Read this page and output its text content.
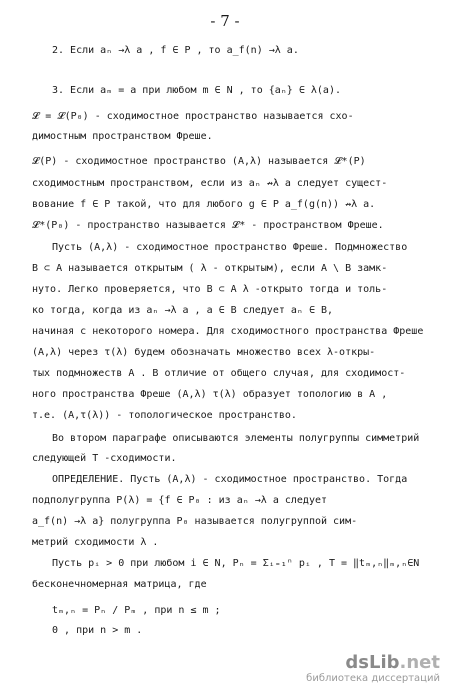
- 7 -
2. Если aₙ →λ a , f ∈ P , то a_f(n) →λ a.
3. Если aₘ = a при любом m ∈ N , то {aₙ} ∈ λ(a).
𝓛 = 𝓛(P₀) - сходимостное пространство называется схо-
димостным пространством Фреше.
𝓛(P) - сходимостное пространство (A,λ) называется 𝓛*(P)
сходимостным пространством, если из aₙ ↛λ a следует сущест-
вование f ∈ P такой, что для любого g ∈ P a_f(g(n)) ↛λ a.
𝓛*(P₀) - пространство называется 𝓛* - пространством Фреше.
Пусть (A,λ) - сходимостное пространство Фреше. Подмножество
B ⊂ A называется открытым ( λ - открытым), если A \ B замк-
нуто. Легко проверяется, что B ⊂ A λ -открыто тогда и толь-
ко тогда, когда из aₙ →λ a , a ∈ B следует aₙ ∈ B,
начиная с некоторого номера. Для сходимостного пространства Фреше
(A,λ) через τ(λ) будем обозначать множество всех λ-откры-
тых подмножеств A . В отличие от общего случая, для сходимост-
ного пространства Фреше (A,λ) τ(λ) образует топологию в A ,
т.е. (A,τ(λ)) - топологическое пространство.
Во втором параграфе описываются элементы полугруппы симметрий
следующей T -сходимости.
ОПРЕДЕЛЕНИЕ. Пусть (A,λ) - сходимостное пространство. Тогда
подполугруппа P(λ) = {f ∈ P₀ : из aₙ →λ a следует
a_f(n) →λ a} полугруппа P₀ называется полугруппой сим-
метрий сходимости λ .
Пусть pᵢ > 0 при любом i ∈ N, Pₙ = Σᵢ₌₁ⁿ pᵢ , T = ‖tₘ,ₙ‖ₘ,ₙ∈N
бесконечномерная матрица, где
tₘ,ₙ = Pₙ / Pₘ , при n ≤ m ;
0 , при n > m .
dsLib.net
библиотека диссертаций
